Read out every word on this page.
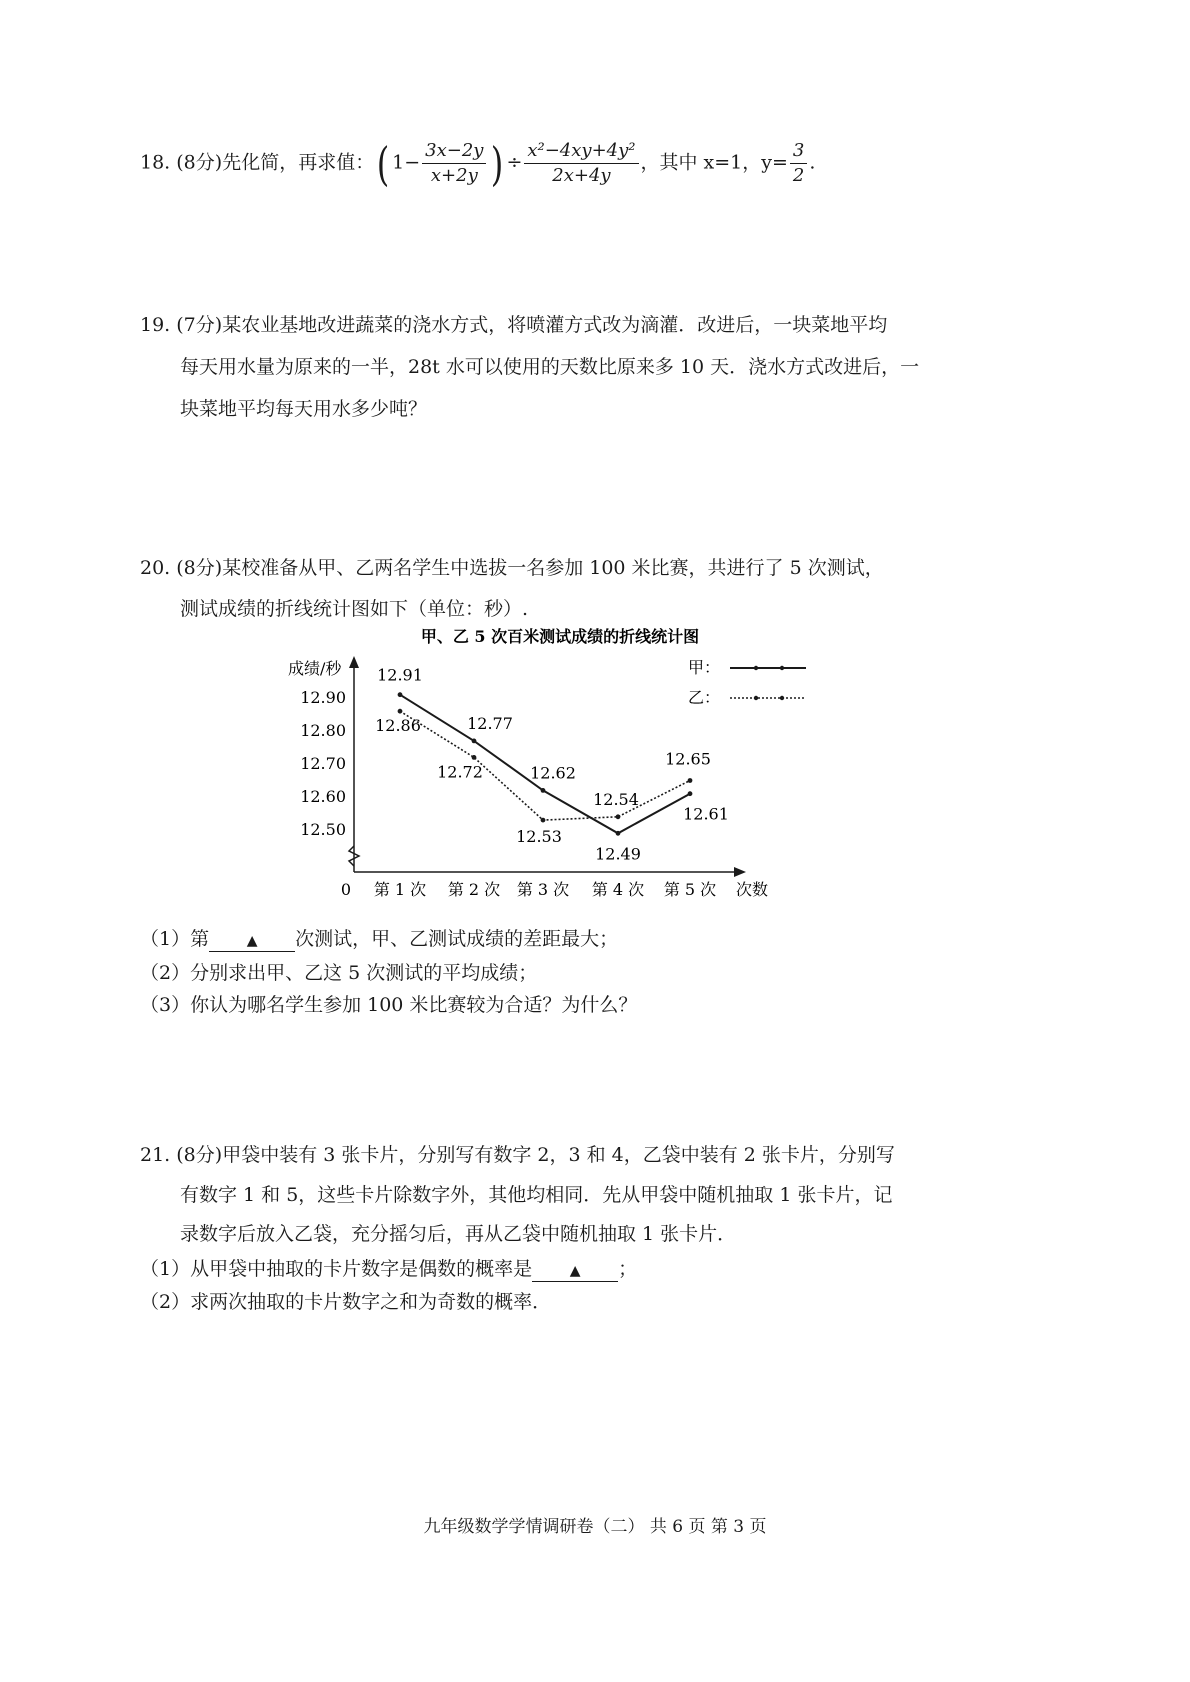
18. (8分)先化简，再求值：( $1- \frac{3x-2y}{x+2y}$ ) ÷ $\frac{\text{x²−4xy+4y²}}{2x+4y}$ ，其中 x=1，$y= \frac{3}{2}$ .
19. (7分)某农业基地改进蔬菜的浇水方式，将喷灌方式改为滴灌．改进后，一块菜地平均
每天用水量为原来的一半，28t 水可以使用的天数比原来多 10 天．浇水方式改进后，一
块菜地平均每天用水多少吨？
20. (8分)某校准备从甲、乙两名学生中选拔一名参加 100 米比赛，共进行了 5 次测试，
测试成绩的折线统计图如下（单位：秒）.
甲、乙 5 次百米测试成绩的折线统计图
成绩/秒
0	次数
12.90
12.80
12.70
12.60
12.50
第 1 次 第 2 次 第 3 次 第 4 次 第 5 次
12.91
12.77
12.62
12.49
12.61
12.86
12.72
12.53
12.54
12.65
甲：
乙：
（1）第	▲ 次测试，甲、乙测试成绩的差距最大；
（2）分别求出甲、乙这 5 次测试的平均成绩；
（3）你认为哪名学生参加 100 米比赛较为合适？为什么？
21. (8分)甲袋中装有 3 张卡片，分别写有数字 2，3 和 4，乙袋中装有 2 张卡片，分别写
有数字 1 和 5，这些卡片除数字外，其他均相同．先从甲袋中随机抽取 1 张卡片，记
录数字后放入乙袋，充分摇匀后，再从乙袋中随机抽取 1 张卡片．
（1）从甲袋中抽取的卡片数字是偶数的概率是	▲ ；
（2）求两次抽取的卡片数字之和为奇数的概率．
九年级数学学情调研卷（二） 共 6 页 第 3 页
